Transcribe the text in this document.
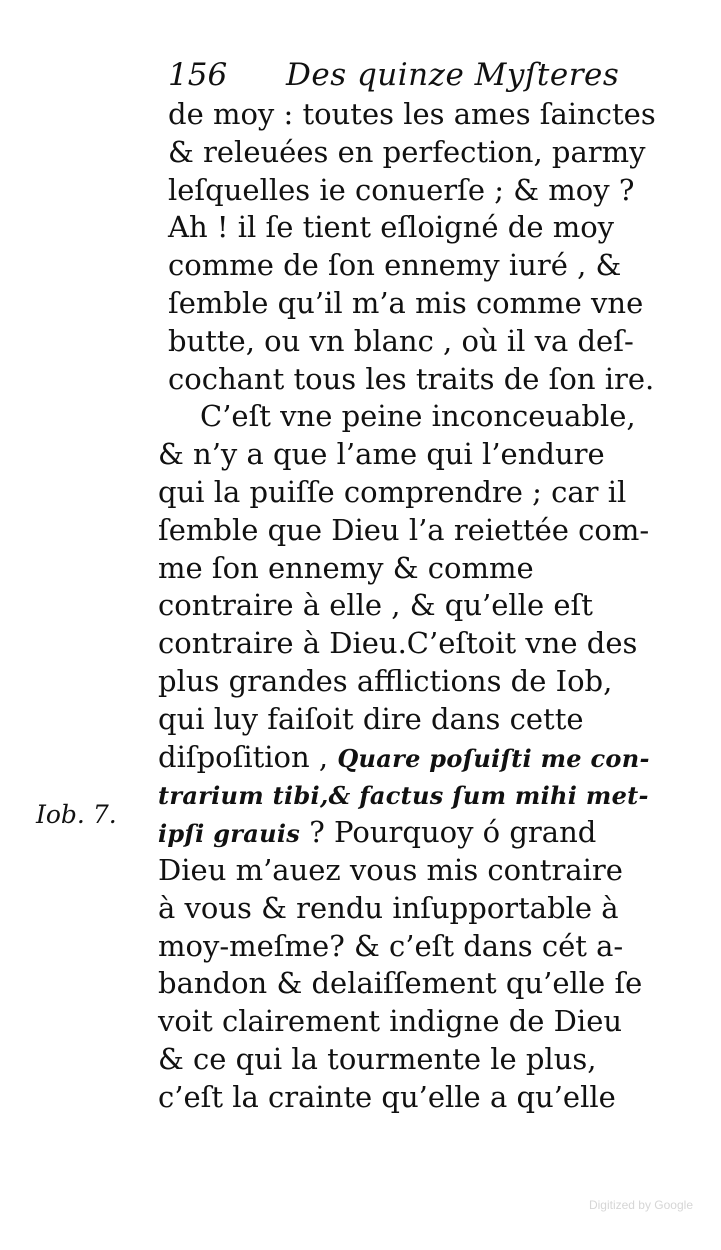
156 Des quinze Myſteres
de moy : toutes les ames ſainctes
& releuées en perfection, parmy
leſquelles ie conuerſe ; & moy ?
Ah ! il ſe tient eſloigné de moy
comme de ſon ennemy iuré , &
ſemble qu’il m’a mis comme vne
butte, ou vn blanc , où il va deſ-
cochant tous les traits de ſon ire.
C’eſt vne peine inconceuable,
& n’y a que l’ame qui l’endure
qui la puiſſe comprendre ; car il
ſemble que Dieu l’a reiettée com-
me ſon ennemy & comme
contraire à elle , & qu’elle eſt
contraire à Dieu.C’eſtoit vne des
plus grandes afflictions de Iob,
qui luy faiſoit dire dans cette
diſpoſition , Quare poſuiſti me con-
trarium tibi,& factus ſum mihi met-
ipſi grauis ? Pourquoy ó grand
Dieu m’auez vous mis contraire
à vous & rendu inſupportable à
moy-meſme? & c’eſt dans cét a-
bandon & delaiſſement qu’elle ſe
voit clairement indigne de Dieu
& ce qui la tourmente le plus,
c’eſt la crainte qu’elle a qu’elle
Iob. 7.
Digitized by Google
